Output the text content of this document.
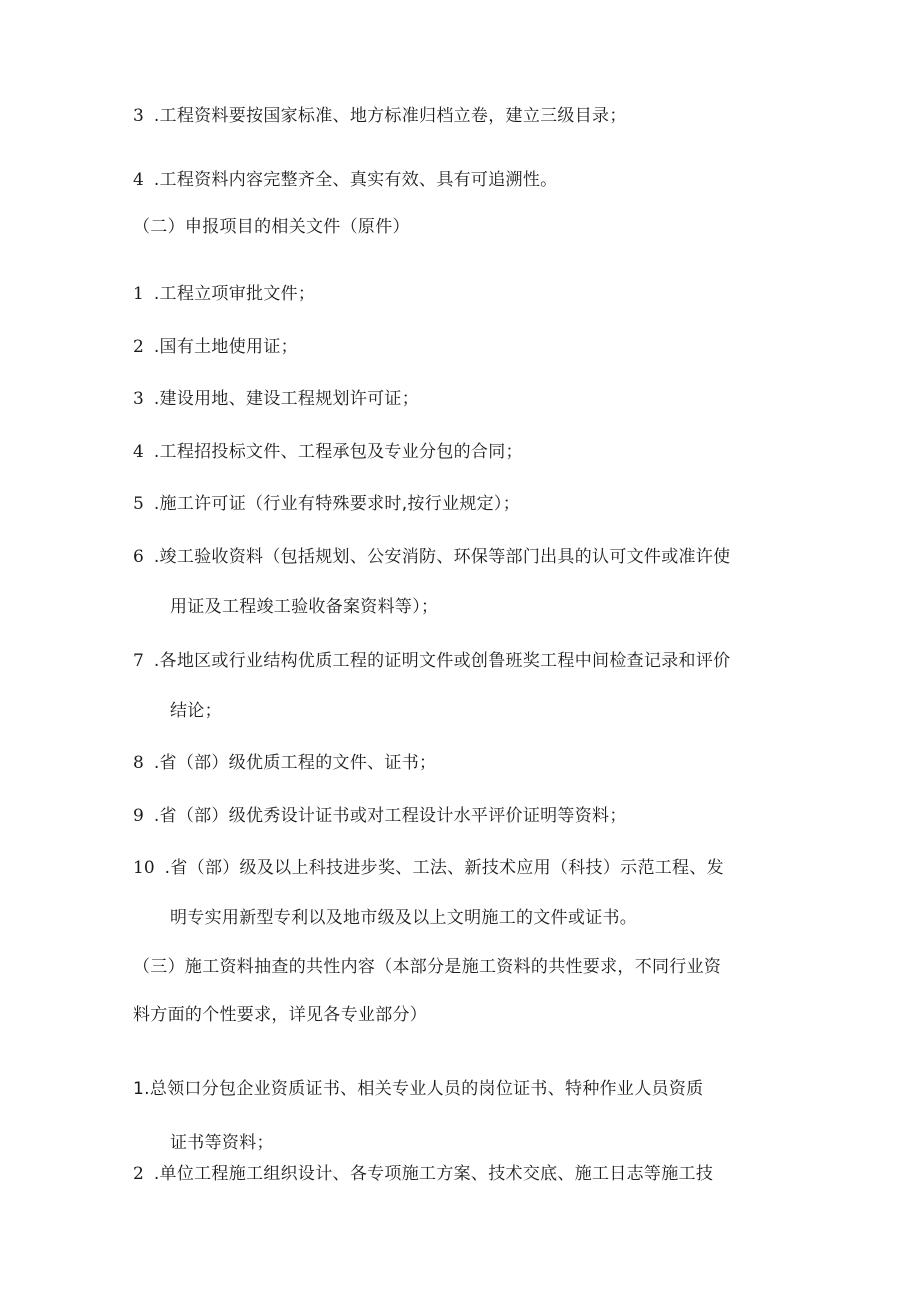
3 .工程资料要按国家标准、地方标准归档立卷，建立三级目录；
4 .工程资料内容完整齐全、真实有效、具有可追溯性。
（二）申报项目的相关文件（原件）
1 .工程立项审批文件；
2 .国有土地使用证；
3 .建设用地、建设工程规划许可证；
4 .工程招投标文件、工程承包及专业分包的合同；
5 .施工许可证（行业有特殊要求时,按行业规定）；
6 .竣工验收资料（包括规划、公安消防、环保等部门出具的认可文件或准许使
用证及工程竣工验收备案资料等）；
7 .各地区或行业结构优质工程的证明文件或创鲁班奖工程中间检查记录和评价
结论；
8 .省（部）级优质工程的文件、证书；
9 .省（部）级优秀设计证书或对工程设计水平评价证明等资料；
10 .省（部）级及以上科技进步奖、工法、新技术应用（科技）示范工程、发
明专实用新型专利以及地市级及以上文明施工的文件或证书。
（三）施工资料抽查的共性内容（本部分是施工资料的共性要求，不同行业资
料方面的个性要求，详见各专业部分）
1.总领口分包企业资质证书、相关专业人员的岗位证书、特种作业人员资质
证书等资料；
2 .单位工程施工组织设计、各专项施工方案、技术交底、施工日志等施工技
